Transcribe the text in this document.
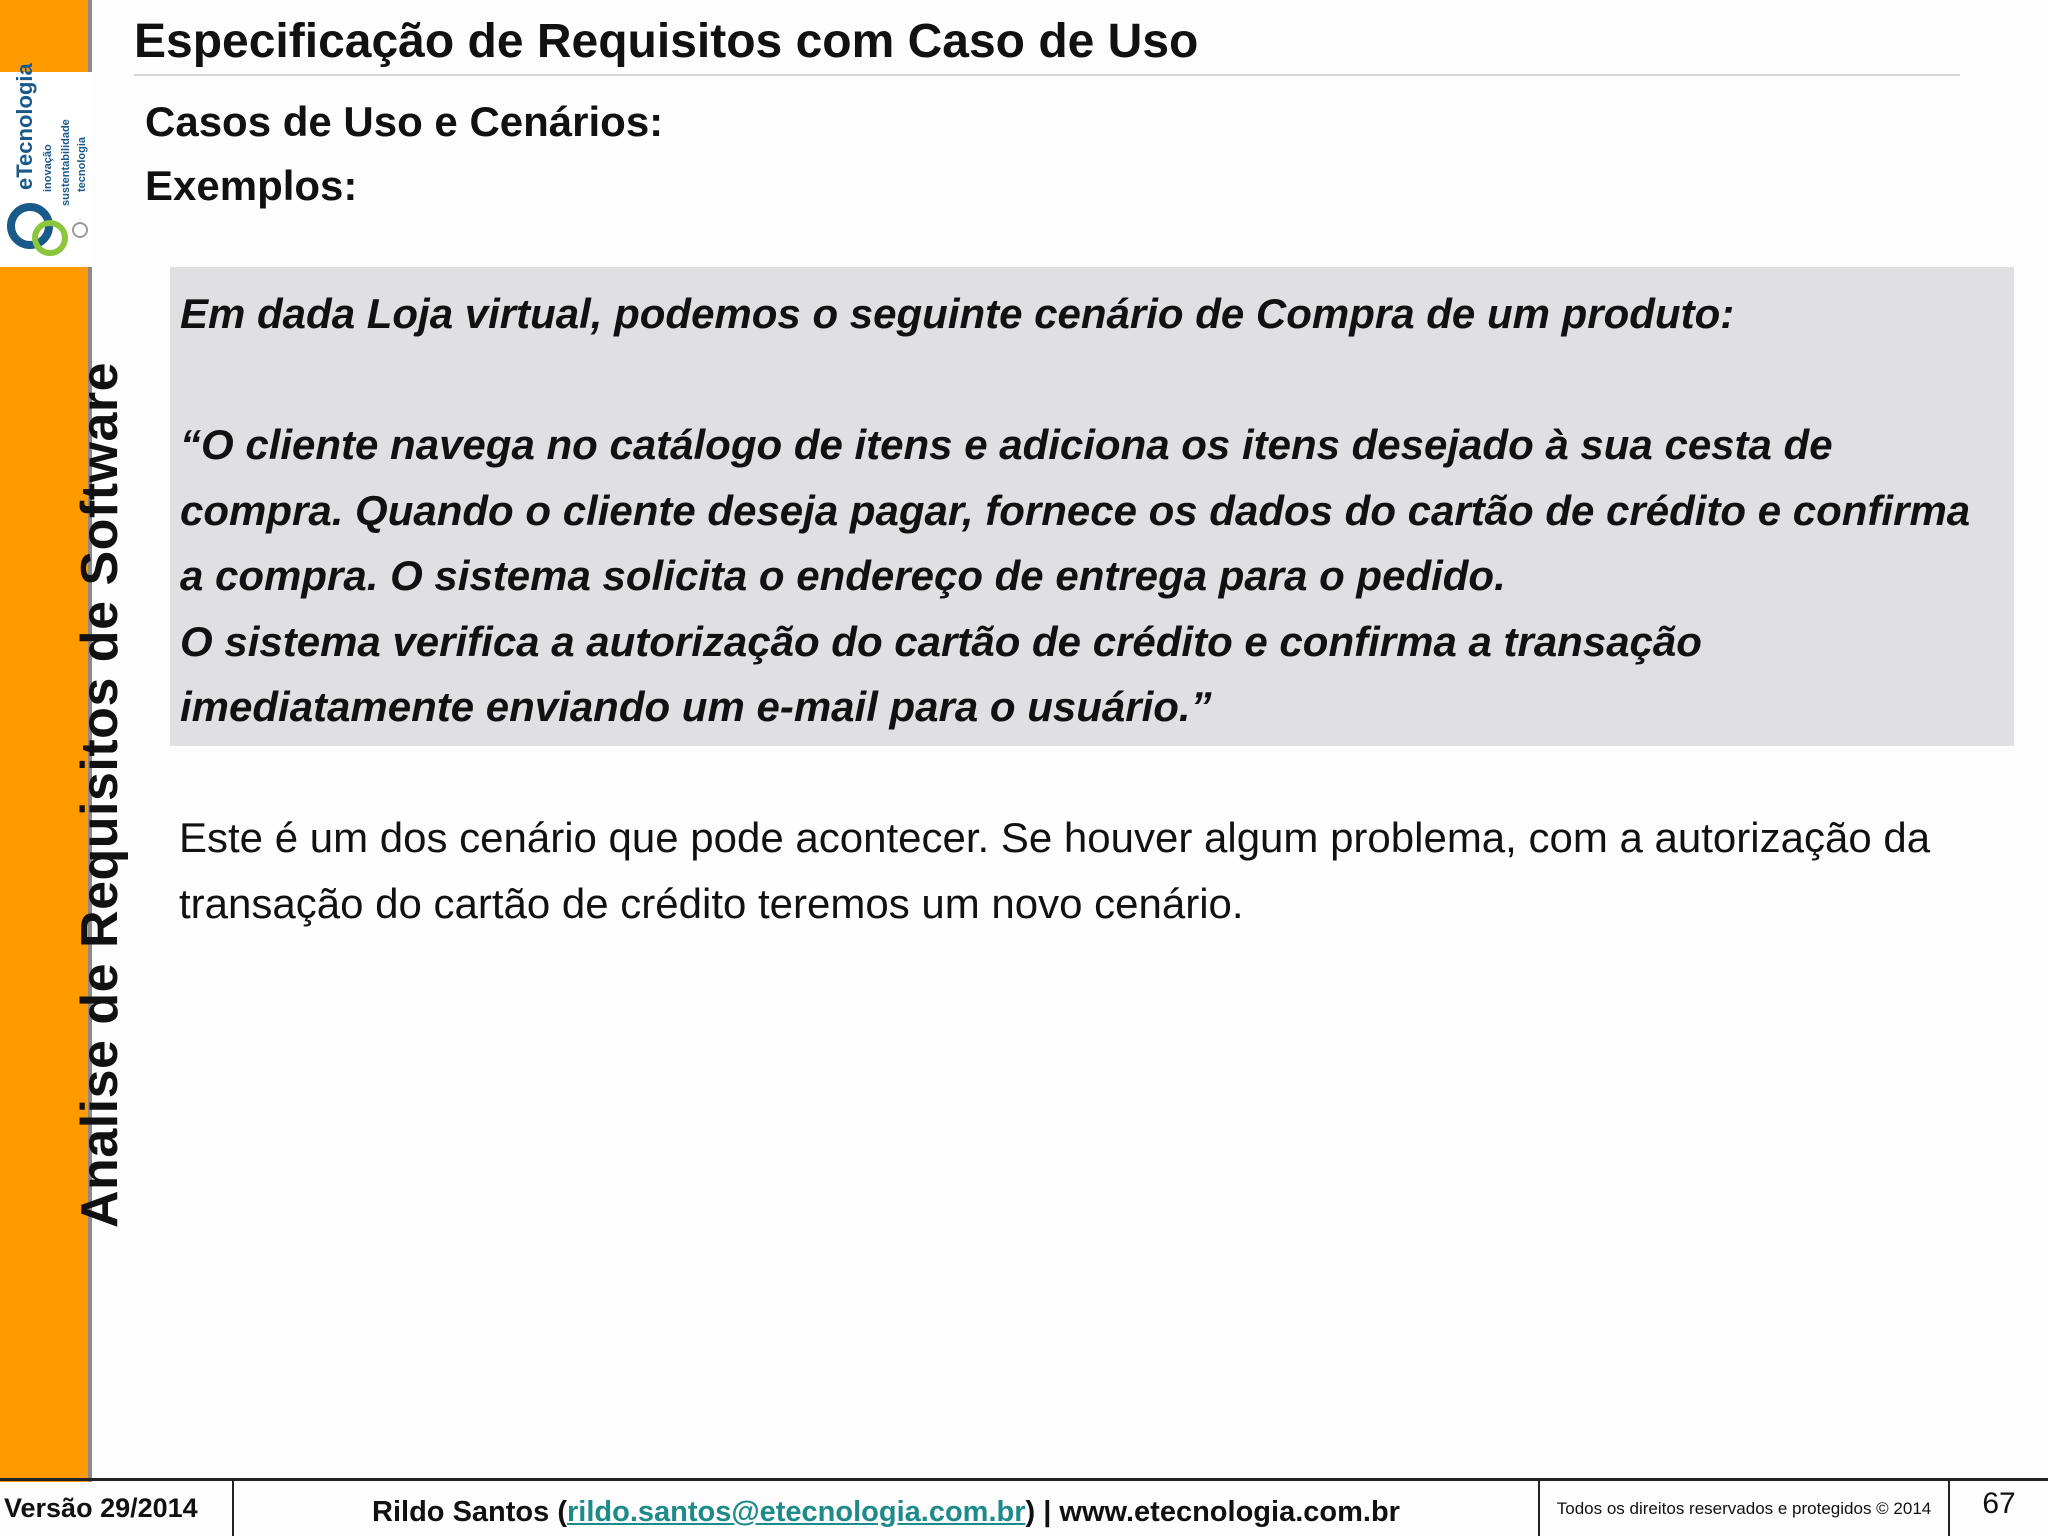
eTecnologia inovação sustentabilidade tecnologia
Analise de Requisitos de Software
Especificação de Requisitos com Caso de Uso
Casos de Uso e Cenários:
Exemplos:

Em dada Loja virtual, podemos o seguinte cenário de Compra de um produto:

“O cliente navega no catálogo de itens e adiciona os itens desejado à sua cesta de compra. Quando o cliente deseja pagar, fornece os dados do cartão de crédito e confirma a compra. O sistema solicita o endereço de entrega para o pedido.

O sistema verifica a autorização do cartão de crédito e confirma a transação imediatamente enviando um e-mail para o usuário.”

Este é um dos cenário que pode acontecer. Se houver algum problema, com a autorização da transação do cartão de crédito teremos um novo cenário.

Versão 29/2014	Rildo Santos ( rildo.santos@etecnologia.com.br ) | www.etecnologia.com.br	Todos os direitos reservados e protegidos © 2014	67
